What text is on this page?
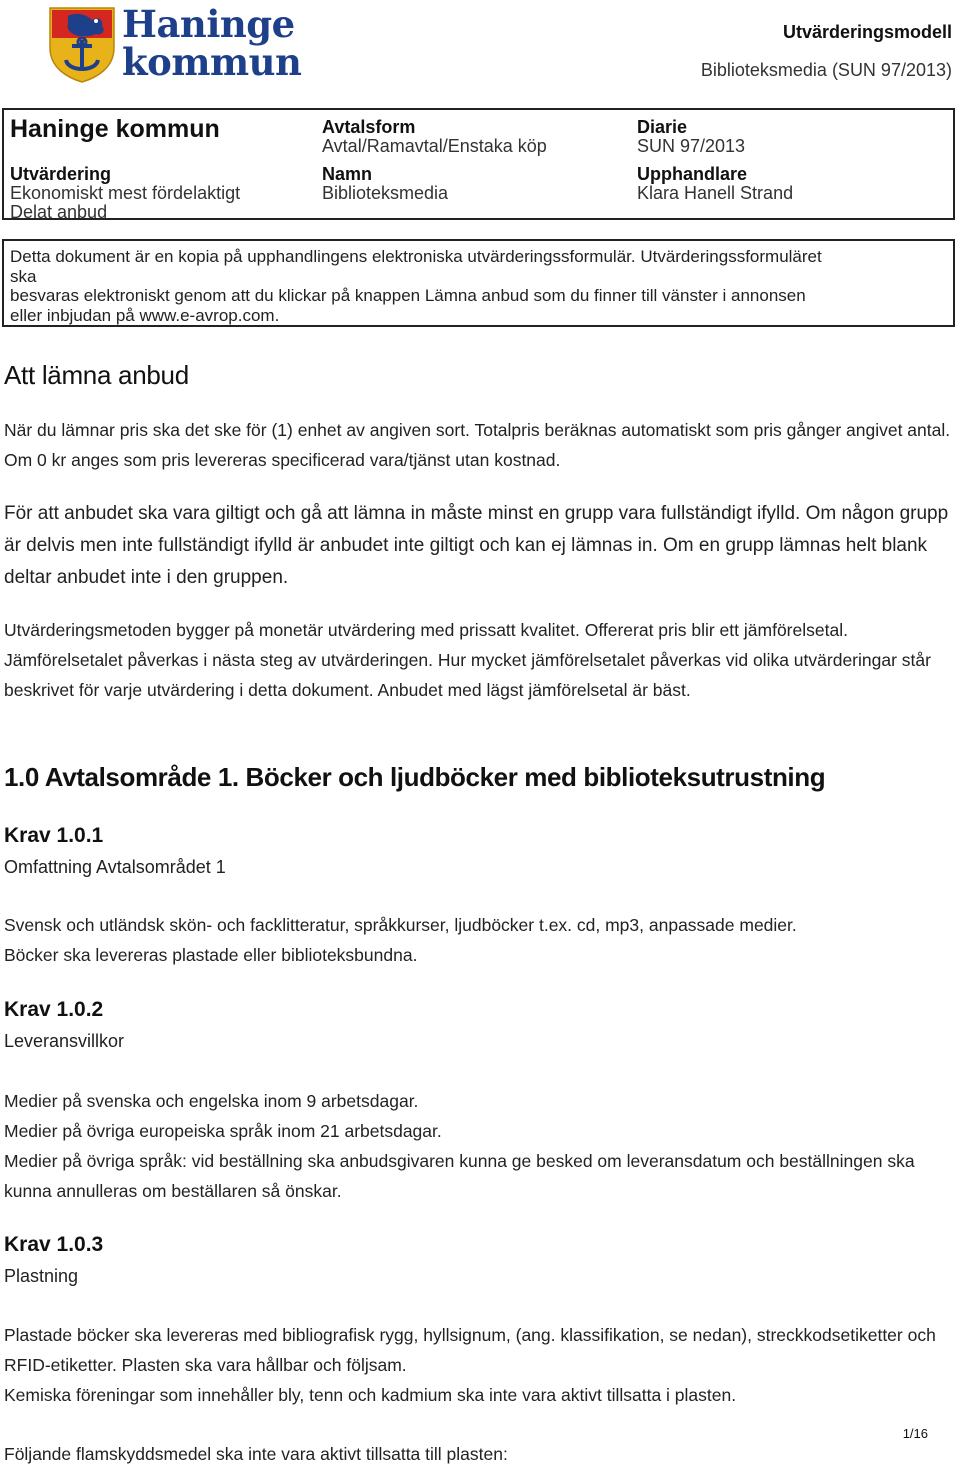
Haninge
kommun
Utvärderingsmodell
Biblioteksmedia (SUN 97/2013)
Haninge kommun	Avtalsform
Avtal/Ramavtal/Enstaka köp
Diarie
SUN 97/2013
Utvärdering
Ekonomiskt mest fördelaktigt
Delat anbud
Namn
Biblioteksmedia
Upphandlare
Klara Hanell Strand
Detta dokument är en kopia på upphandlingens elektroniska utvärderingssformulär. Utvärderingssformuläret
ska
besvaras elektroniskt genom att du klickar på knappen Lämna anbud som du finner till vänster i annonsen
eller inbjudan på www.e-avrop.com.
Att lämna anbud

När du lämnar pris ska det ske för (1) enhet av angiven sort. Totalpris beräknas automatiskt som pris gånger angivet antal. Om 0 kr anges som pris levereras specificerad vara/tjänst utan kostnad.

För att anbudet ska vara giltigt och gå att lämna in måste minst en grupp vara fullständigt ifylld. Om någon grupp är delvis men inte fullständigt ifylld är anbudet inte giltigt och kan ej lämnas in. Om en grupp lämnas helt blank deltar anbudet inte i den gruppen.

Utvärderingsmetoden bygger på monetär utvärdering med prissatt kvalitet. Offererat pris blir ett jämförelsetal. Jämförelsetalet påverkas i nästa steg av utvärderingen. Hur mycket jämförelsetalet påverkas vid olika utvärderingar står beskrivet för varje utvärdering i detta dokument. Anbudet med lägst jämförelsetal är bäst.

1.0 Avtalsområde 1. Böcker och ljudböcker med biblioteksutrustning
Krav 1.0.1
Omfattning Avtalsområdet 1

Svensk och utländsk skön- och facklitteratur, språkkurser, ljudböcker t.ex. cd, mp3, anpassade medier.

Böcker ska levereras plastade eller biblioteksbundna.

Krav 1.0.2
Leveransvillkor

Medier på svenska och engelska inom 9 arbetsdagar.

Medier på övriga europeiska språk inom 21 arbetsdagar.

Medier på övriga språk: vid beställning ska anbudsgivaren kunna ge besked om leveransdatum och beställningen ska kunna annulleras om beställaren så önskar.

Krav 1.0.3
Plastning

Plastade böcker ska levereras med bibliografisk rygg, hyllsignum, (ang. klassifikation, se nedan), streckkodsetiketter och RFID-etiketter. Plasten ska vara hållbar och följsam.

Kemiska föreningar som innehåller bly, tenn och kadmium ska inte vara aktivt tillsatta i plasten.

Följande flamskyddsmedel ska inte vara aktivt tillsatta till plasten:

1/16
